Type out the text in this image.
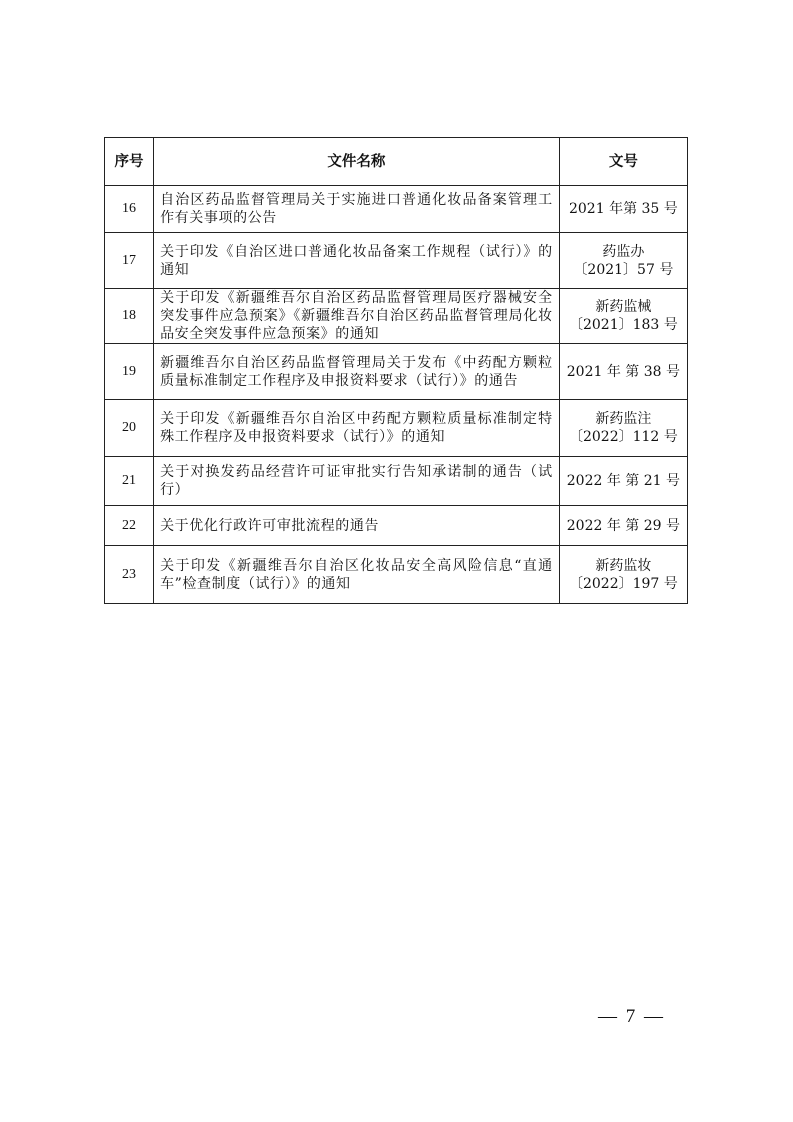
序号	文件名称	文号
16	自治区药品监督管理局关于实施进口普通化妆品备案管理工作有关事项的公告	2021 年第 35 号

17	关于印发《自治区进口普通化妆品备案工作规程（试行）》的通知	药监办
〔2021〕57 号

18	关于印发《新疆维吾尔自治区药品监督管理局医疗器械安全突发事件应急预案》《新疆维吾尔自治区药品监督管理局化妆品安全突发事件应急预案》的通知	新药监械
〔2021〕183 号

19	新疆维吾尔自治区药品监督管理局关于发布《中药配方颗粒质量标准制定工作程序及申报资料要求（试行）》的通告	2021 年 第 38 号

20	关于印发《新疆维吾尔自治区中药配方颗粒质量标准制定特殊工作程序及申报资料要求（试行）》的通知	新药监注
〔2022〕112 号

21	关于对换发药品经营许可证审批实行告知承诺制的通告（试行）	2022 年 第 21 号

22	关于优化行政许可审批流程的通告	2022 年 第 29 号

23	关于印发《新疆维吾尔自治区化妆品安全高风险信息“直通车”检查制度（试行）》的通知	新药监妆
〔2022〕197 号
— 7 —
